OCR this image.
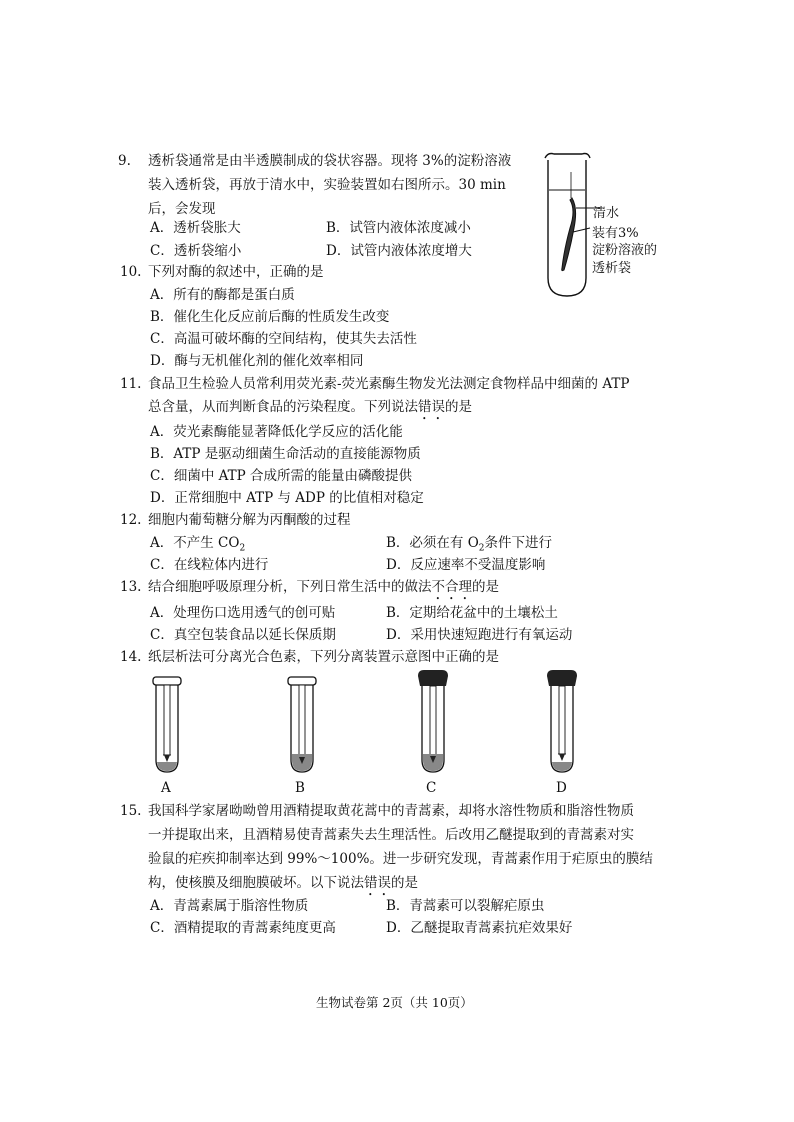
9. 透析袋通常是由半透膜制成的袋状容器。现将 3%的淀粉溶液
装入透析袋，再放于清水中，实验装置如右图所示。30 min
后，会发现
A．透析袋胀大	B．试管内液体浓度减小
C．透析袋缩小	D．试管内液体浓度增大
清水
装有3%
淀粉溶液的
透析袋
10. 下列对酶的叙述中，正确的是
A．所有的酶都是蛋白质
B．催化生化反应前后酶的性质发生改变
C．高温可破坏酶的空间结构，使其失去活性
D．酶与无机催化剂的催化效率相同
11. 食品卫生检验人员常利用荧光素-荧光素酶生物发光法测定食物样品中细菌的 ATP
总含量，从而判断食品的污染程度。下列说法错误的是
A．荧光素酶能显著降低化学反应的活化能
B．ATP 是驱动细菌生命活动的直接能源物质
C．细菌中 ATP 合成所需的能量由磷酸提供
D．正常细胞中 ATP 与 ADP 的比值相对稳定
12. 细胞内葡萄糖分解为丙酮酸的过程
A．不产生 $CO_2$	B．必须在有 $O_2$条件下进行
C．在线粒体内进行	D．反应速率不受温度影响
13. 结合细胞呼吸原理分析，下列日常生活中的做法不合理的是
A．处理伤口选用透气的创可贴	B．定期给花盆中的土壤松土
C．真空包装食品以延长保质期	D．采用快速短跑进行有氧运动
14. 纸层析法可分离光合色素，下列分离装置示意图中正确的是
A	B	C	D
15. 我国科学家屠呦呦曾用酒精提取黄花蒿中的青蒿素，却将水溶性物质和脂溶性物质
一并提取出来，且酒精易使青蒿素失去生理活性。后改用乙醚提取到的青蒿素对实
验鼠的疟疾抑制率达到 99%～100%。进一步研究发现，青蒿素作用于疟原虫的膜结
构，使核膜及细胞膜破坏。以下说法错误的是
A．青蒿素属于脂溶性物质	B．青蒿素可以裂解疟原虫
C．酒精提取的青蒿素纯度更高	D．乙醚提取青蒿素抗疟效果好
生物试卷第 2页（共 10页）
